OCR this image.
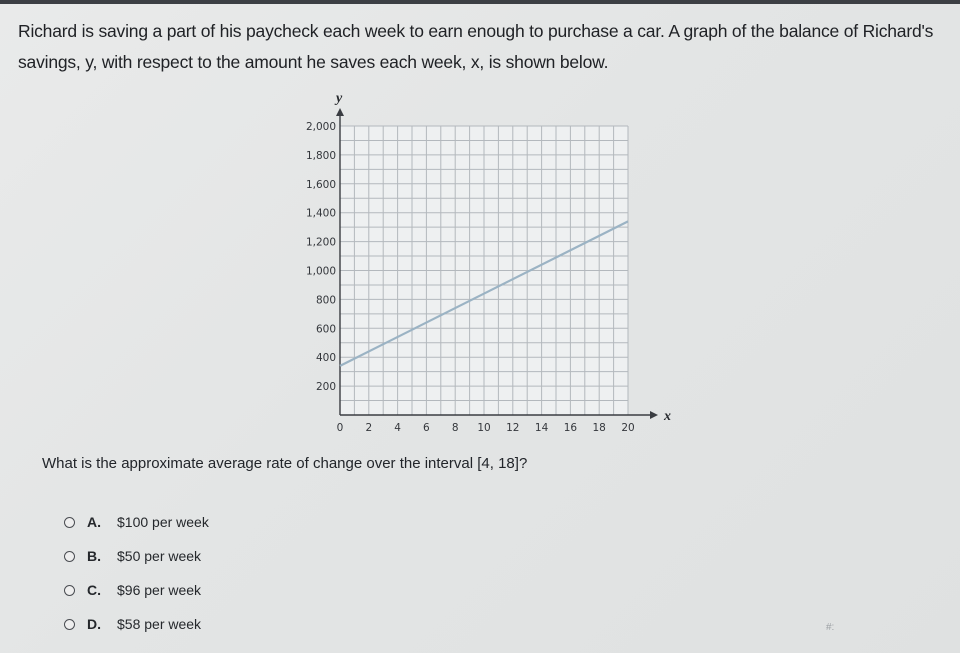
Richard is saving a part of his paycheck each week to earn enough to purchase a car. A graph of the balance of Richard's savings, y, with respect to the amount he saves each week, x, is shown below.
x
y
0 2 4 6 8 10 12 14 16 18 20
200
400
600
800
1,000
1,200
1,400
1,600
1,800
2,000
What is the approximate average rate of change over the interval [4, 18]?
A.	$100 per week
B.	$50 per week
C.	$96 per week
D.	$58 per week	#:
